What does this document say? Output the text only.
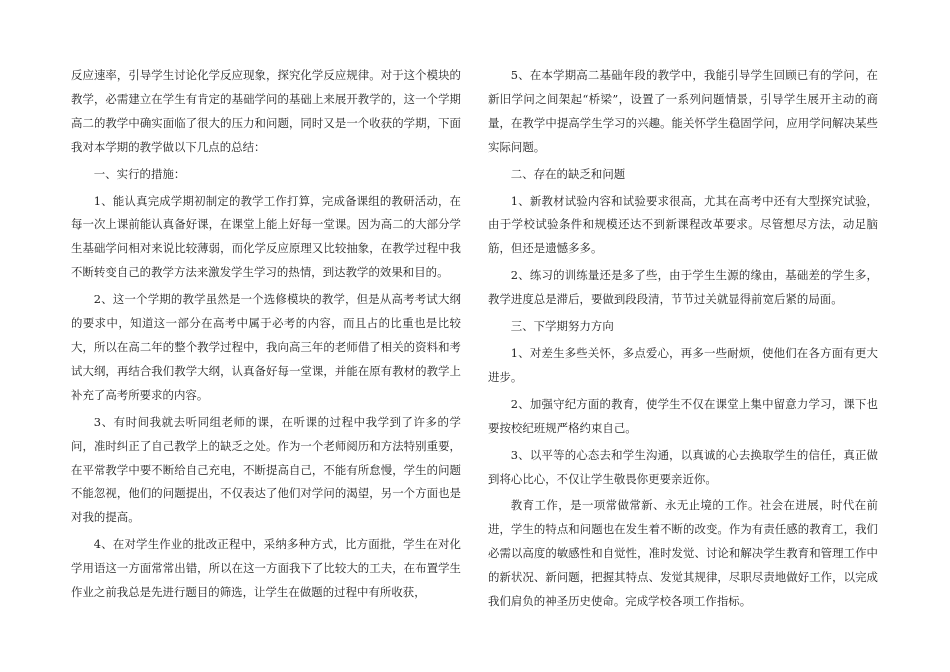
反应速率，引导学生讨论化学反应现象，探究化学反应规律。对于这个模块的教学，必需建立在学生有肯定的基础学问的基础上来展开教学的，这一个学期高二的教学中确实面临了很大的压力和问题，同时又是一个收获的学期，下面我对本学期的教学做以下几点的总结：

一、实行的措施：

1、能认真完成学期初制定的教学工作打算，完成备课组的教研活动，在每一次上课前能认真备好课，在课堂上能上好每一堂课。因为高二的大部分学生基础学问相对来说比较薄弱，而化学反应原理又比较抽象，在教学过程中我不断转变自己的教学方法来激发学生学习的热情，到达教学的效果和目的。

2、这一个学期的教学虽然是一个选修模块的教学，但是从高考考试大纲的要求中，知道这一部分在高考中属于必考的内容，而且占的比重也是比较大，所以在高二年的整个教学过程中，我向高三年的老师借了相关的资料和考试大纲，再结合我们教学大纲，认真备好每一堂课，并能在原有教材的教学上补充了高考所要求的内容。

3、有时间我就去听同组老师的课，在听课的过程中我学到了许多的学问，准时纠正了自己教学上的缺乏之处。作为一个老师阅历和方法特别重要，在平常教学中要不断给自己充电，不断提高自己，不能有所怠慢，学生的问题不能忽视，他们的问题提出，不仅表达了他们对学问的渴望，另一个方面也是对我的提高。

4、在对学生作业的批改正程中，采纳多种方式，比方面批，学生在对化学用语这一方面常常出错，所以在这一方面我下了比较大的工夫，在布置学生作业之前我总是先进行题目的筛选，让学生在做题的过程中有所收获，

5、在本学期高二基础年段的教学中，我能引导学生回顾已有的学问，在新旧学问之间架起“桥梁”，设置了一系列问题情景，引导学生展开主动的商量，在教学中提高学生学习的兴趣。能关怀学生稳固学问，应用学问解决某些实际问题。

二、存在的缺乏和问题

1、新教材试验内容和试验要求很高，尤其在高考中还有大型探究试验，由于学校试验条件和规模还达不到新课程改革要求。尽管想尽方法，动足脑筋，但还是遗憾多多。

2、练习的训练量还是多了些，由于学生生源的缘由，基础差的学生多，教学进度总是滞后，要做到段段清，节节过关就显得前宽后紧的局面。

三、下学期努力方向

1、对差生多些关怀，多点爱心，再多一些耐烦，使他们在各方面有更大进步。

2、加强守纪方面的教育，使学生不仅在课堂上集中留意力学习，课下也要按校纪班规严格约束自己。

3、以平等的心态去和学生沟通，以真诚的心去换取学生的信任，真正做到将心比心，不仅让学生敬畏你更要亲近你。

教育工作，是一项常做常新、永无止境的工作。社会在进展，时代在前进，学生的特点和问题也在发生着不断的改变。作为有责任感的教育工，我们必需以高度的敏感性和自觉性，准时发觉、讨论和解决学生教育和管理工作中的新状况、新问题，把握其特点、发觉其规律，尽职尽责地做好工作，以完成我们肩负的神圣历史使命。完成学校各项工作指标。
